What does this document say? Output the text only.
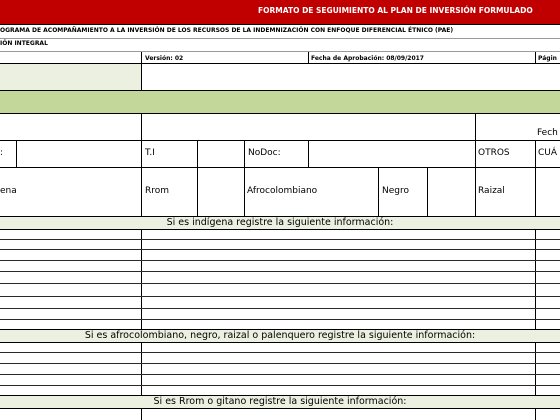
FORMATO DE SEGUIMIENTO AL PLAN DE INVERSIÓN FORMULADO
OGRAMA DE ACOMPAÑAMIENTO A LA INVERSIÓN DE LOS RECURSOS DE LA INDEMNIZACIÓN CON ENFOQUE DIFERENCIAL ÉTNICO (PAE)
IÓN INTEGRAL
Versión: 02	Fecha de Aprobación: 08/09/2017	Págin
Fech
:	T.I	NoDoc:	OTROS	CUÁ
ena	Rrom	Afrocolombiano	Negro	Raizal
Si es indígena registre la siguiente información:
Si es afrocolombiano, negro, raizal o palenquero registre la siguiente información:
Si es Rrom o gitano registre la siguiente información:
